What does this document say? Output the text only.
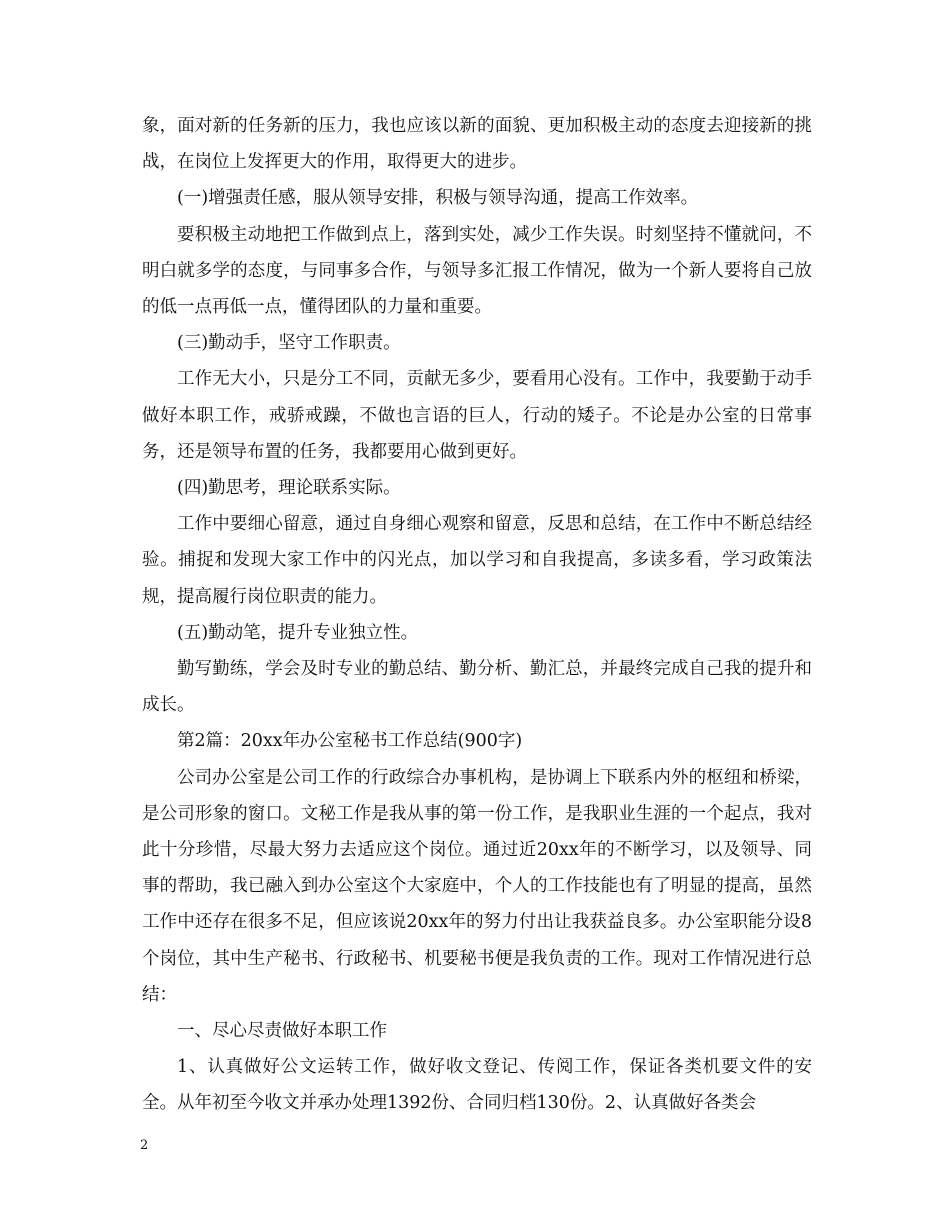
象，面对新的任务新的压力，我也应该以新的面貌、更加积极主动的态度去迎接新的挑战，在岗位上发挥更大的作用，取得更大的进步。

(一)增强责任感，服从领导安排，积极与领导沟通，提高工作效率。

要积极主动地把工作做到点上，落到实处，减少工作失误。时刻坚持不懂就问，不明白就多学的态度，与同事多合作，与领导多汇报工作情况，做为一个新人要将自己放的低一点再低一点，懂得团队的力量和重要。

(三)勤动手，坚守工作职责。

工作无大小，只是分工不同，贡献无多少，要看用心没有。工作中，我要勤于动手做好本职工作，戒骄戒躁，不做也言语的巨人，行动的矮子。不论是办公室的日常事务，还是领导布置的任务，我都要用心做到更好。

(四)勤思考，理论联系实际。

工作中要细心留意，通过自身细心观察和留意，反思和总结，在工作中不断总结经验。捕捉和发现大家工作中的闪光点，加以学习和自我提高，多读多看，学习政策法规，提高履行岗位职责的能力。

(五)勤动笔，提升专业独立性。

勤写勤练，学会及时专业的勤总结、勤分析、勤汇总，并最终完成自己我的提升和成长。

第2篇：20xx年办公室秘书工作总结(900字)

公司办公室是公司工作的行政综合办事机构，是协调上下联系内外的枢纽和桥梁，是公司形象的窗口。文秘工作是我从事的第一份工作，是我职业生涯的一个起点，我对此十分珍惜，尽最大努力去适应这个岗位。通过近20xx年的不断学习，以及领导、同事的帮助，我已融入到办公室这个大家庭中，个人的工作技能也有了明显的提高，虽然工作中还存在很多不足，但应该说20xx年的努力付出让我获益良多。办公室职能分设8个岗位，其中生产秘书、行政秘书、机要秘书便是我负责的工作。现对工作情况进行总结：

一、尽心尽责做好本职工作

1、认真做好公文运转工作，做好收文登记、传阅工作，保证各类机要文件的安全。从年初至今收文并承办处理1392份、合同归档130份。2、认真做好各类会

2
